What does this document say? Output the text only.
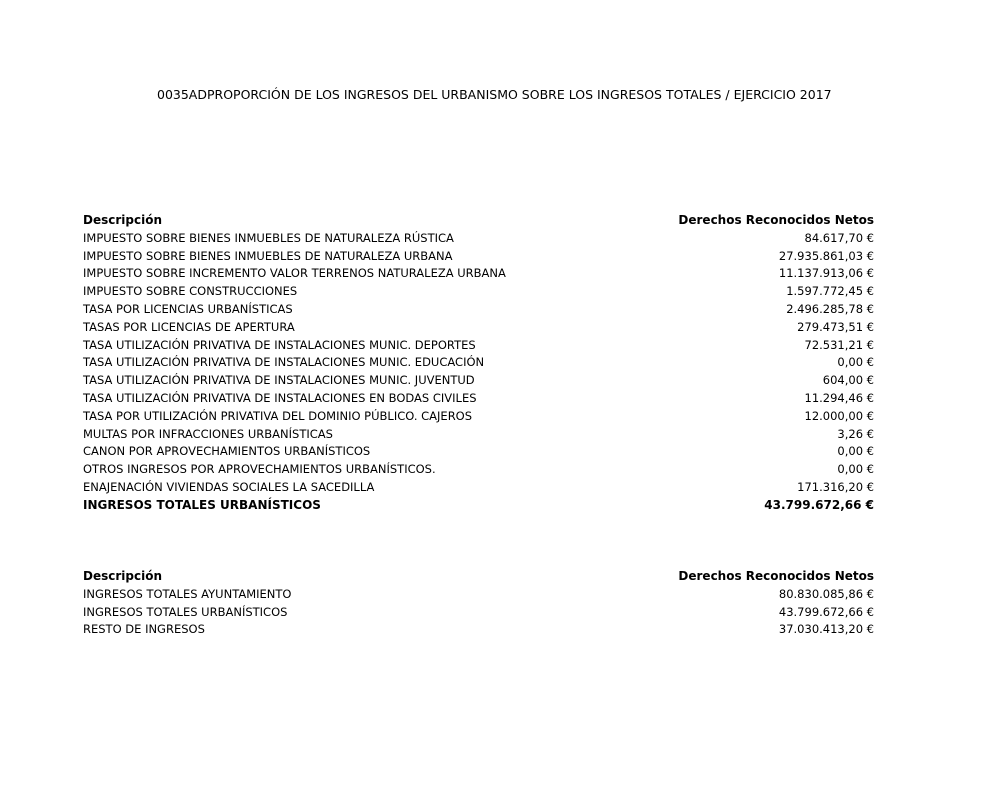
0035ADPROPORCIÓN DE LOS INGRESOS DEL URBANISMO SOBRE LOS INGRESOS TOTALES / EJERCICIO 2017
Descripción	Derechos Reconocidos Netos
IMPUESTO SOBRE BIENES INMUEBLES DE NATURALEZA RÚSTICA	84.617,70 €
IMPUESTO SOBRE BIENES INMUEBLES DE NATURALEZA URBANA	27.935.861,03 €
IMPUESTO SOBRE INCREMENTO VALOR TERRENOS NATURALEZA URBANA	11.137.913,06 €
IMPUESTO SOBRE CONSTRUCCIONES	1.597.772,45 €
TASA POR LICENCIAS URBANÍSTICAS	2.496.285,78 €
TASAS POR LICENCIAS DE APERTURA	279.473,51 €
TASA UTILIZACIÓN PRIVATIVA DE INSTALACIONES MUNIC. DEPORTES	72.531,21 €
TASA UTILIZACIÓN PRIVATIVA DE INSTALACIONES MUNIC. EDUCACIÓN	0,00 €
TASA UTILIZACIÓN PRIVATIVA DE INSTALACIONES MUNIC. JUVENTUD	604,00 €
TASA UTILIZACIÓN PRIVATIVA DE INSTALACIONES EN BODAS CIVILES	11.294,46 €
TASA POR UTILIZACIÓN PRIVATIVA DEL DOMINIO PÚBLICO. CAJEROS	12.000,00 €
MULTAS POR INFRACCIONES URBANÍSTICAS	3,26 €
CANON POR APROVECHAMIENTOS URBANÍSTICOS	0,00 €
OTROS INGRESOS POR APROVECHAMIENTOS URBANÍSTICOS.	0,00 €
ENAJENACIÓN VIVIENDAS SOCIALES LA SACEDILLA	171.316,20 €
INGRESOS TOTALES URBANÍSTICOS	43.799.672,66 €
Descripción	Derechos Reconocidos Netos
INGRESOS TOTALES AYUNTAMIENTO	80.830.085,86 €
INGRESOS TOTALES URBANÍSTICOS	43.799.672,66 €
RESTO DE INGRESOS	37.030.413,20 €
